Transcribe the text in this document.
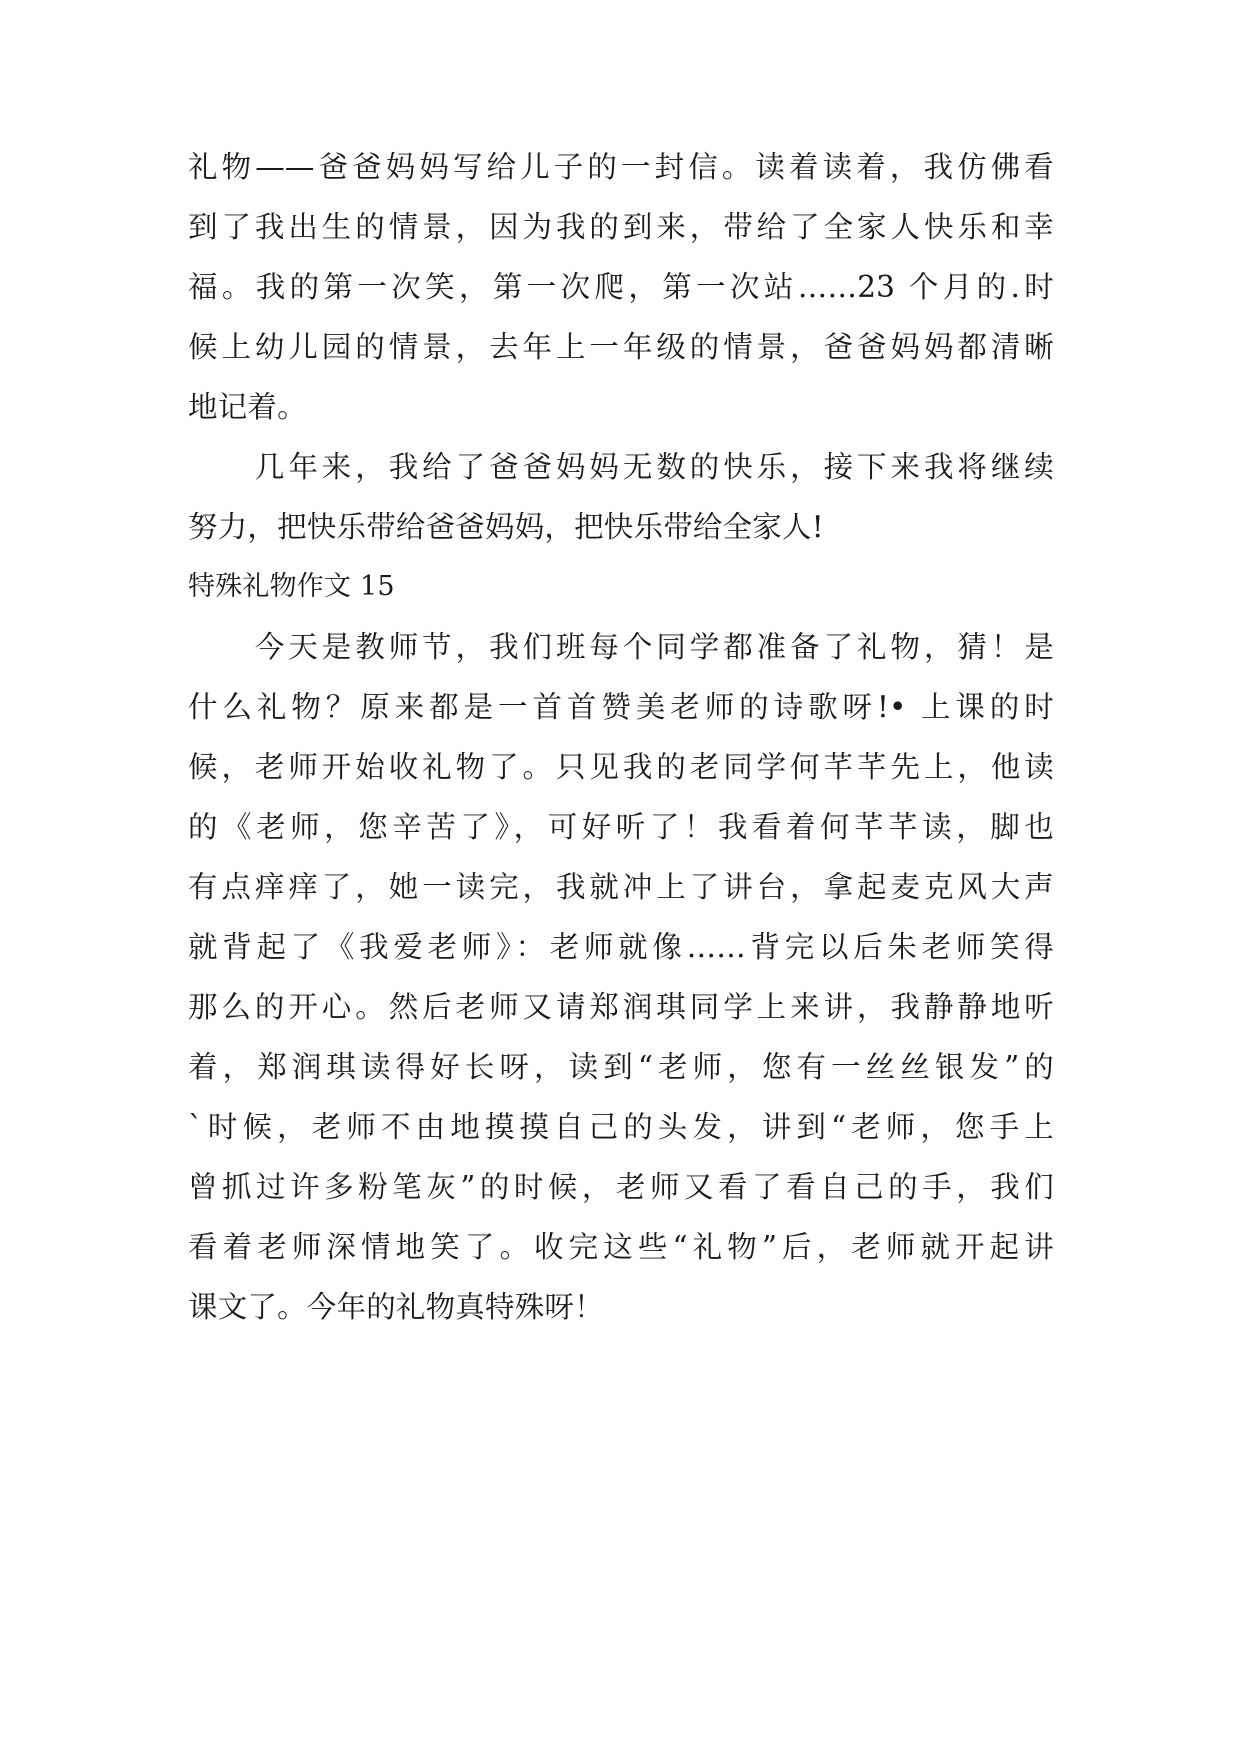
礼物——爸爸妈妈写给儿子的一封信。读着读着，我仿佛看
到了我出生的情景，因为我的到来，带给了全家人快乐和幸
福。我的第一次笑，第一次爬，第一次站……23 个月的.时
候上幼儿园的情景，去年上一年级的情景，爸爸妈妈都清晰
地记着。
　　几年来，我给了爸爸妈妈无数的快乐，接下来我将继续
努力，把快乐带给爸爸妈妈，把快乐带给全家人!
特殊礼物作文 15
　　今天是教师节，我们班每个同学都准备了礼物，猜！是
什么礼物？原来都是一首首赞美老师的诗歌呀!• 上课的时
候，老师开始收礼物了。只见我的老同学何芊芊先上，他读
的《老师，您辛苦了》，可好听了！我看着何芊芊读，脚也
有点痒痒了，她一读完，我就冲上了讲台，拿起麦克风大声
就背起了《我爱老师》：老师就像……背完以后朱老师笑得
那么的开心。然后老师又请郑润琪同学上来讲，我静静地听
着，郑润琪读得好长呀，读到“老师，您有一丝丝银发”的
`时候，老师不由地摸摸自己的头发，讲到“老师，您手上
曾抓过许多粉笔灰”的时候，老师又看了看自己的手，我们
看着老师深情地笑了。收完这些“礼物”后，老师就开起讲
课文了。今年的礼物真特殊呀！
